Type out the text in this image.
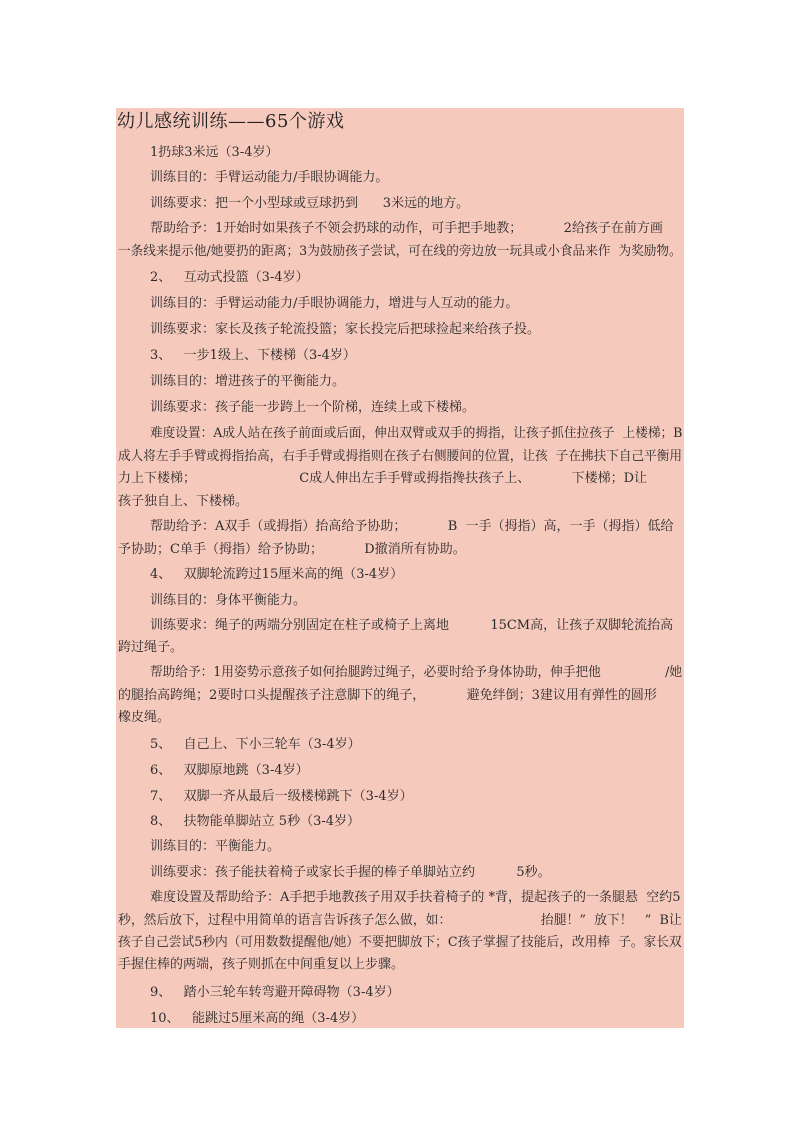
幼儿感统训练——65个游戏
1扔球3米远（3-4岁）
训练目的：手臂运动能力/手眼协调能力。
训练要求：把一个小型球或豆球扔到      3米远的地方。
帮助给予：1开始时如果孩子不领会扔球的动作，可手把手地教；          2给孩子在前方画
一条线来提示他/她要扔的距离；3为鼓励孩子尝试，可在线的旁边放一玩具或小食品来作  为奖励物。
2、   互动式投篮（3-4岁）
训练目的：手臂运动能力/手眼协调能力，增进与人互动的能力。
训练要求：家长及孩子轮流投篮；家长投完后把球捡起来给孩子投。
3、   一步1级上、下楼梯（3-4岁）
训练目的：增进孩子的平衡能力。
训练要求：孩子能一步跨上一个阶梯，连续上或下楼梯。
难度设置：A成人站在孩子前面或后面，伸出双臂或双手的拇指，让孩子抓住拉孩子  上楼梯；B
成人将左手手臂或拇指抬高，右手手臂或拇指则在孩子右侧腰间的位置，让孩  子在拂扶下自己平衡用
力上下楼梯；                         C成人伸出左手手臂或拇指搀扶孩子上、          下楼梯；D让
孩子独自上、下楼梯。
帮助给予：A双手（或拇指）抬高给予协助；          B  一手（拇指）高，一手（拇指）低给
予协助；C单手（拇指）给予协助；          D撤消所有协助。
4、   双脚轮流跨过15厘米高的绳（3-4岁）
训练目的：身体平衡能力。
训练要求：绳子的两端分别固定在柱子或椅子上离地          15CM高，让孩子双脚轮流抬高
跨过绳子。
帮助给予：1用姿势示意孩子如何抬腿跨过绳子，必要时给予身体协助，伸手把他                /她
的腿抬高跨绳；2要时口头提醒孩子注意脚下的绳子，          避免绊倒；3建议用有弹性的圆形
橡皮绳。
5、   自己上、下小三轮车（3-4岁）
6、   双脚原地跳（3-4岁）
7、   双脚一齐从最后一级楼梯跳下（3-4岁）
8、   扶物能单脚站立 5秒（3-4岁）
训练目的：平衡能力。
训练要求：孩子能扶着椅子或家长手握的棒子单脚站立约          5秒。
难度设置及帮助给予：A手把手地教孩子用双手扶着椅子的 *背，提起孩子的一条腿悬  空约5
秒，然后放下，过程中用简单的语言告诉孩子怎么做，如：                      抬腿！”  放下！   ”  B让
孩子自己尝试5秒内（可用数数提醒他/她）不要把脚放下；C孩子掌握了技能后，改用棒  子。家长双
手握住棒的两端，孩子则抓在中间重复以上步骤。
9、   踏小三轮车转弯避开障碍物（3-4岁）
10、   能跳过5厘米高的绳（3-4岁）
